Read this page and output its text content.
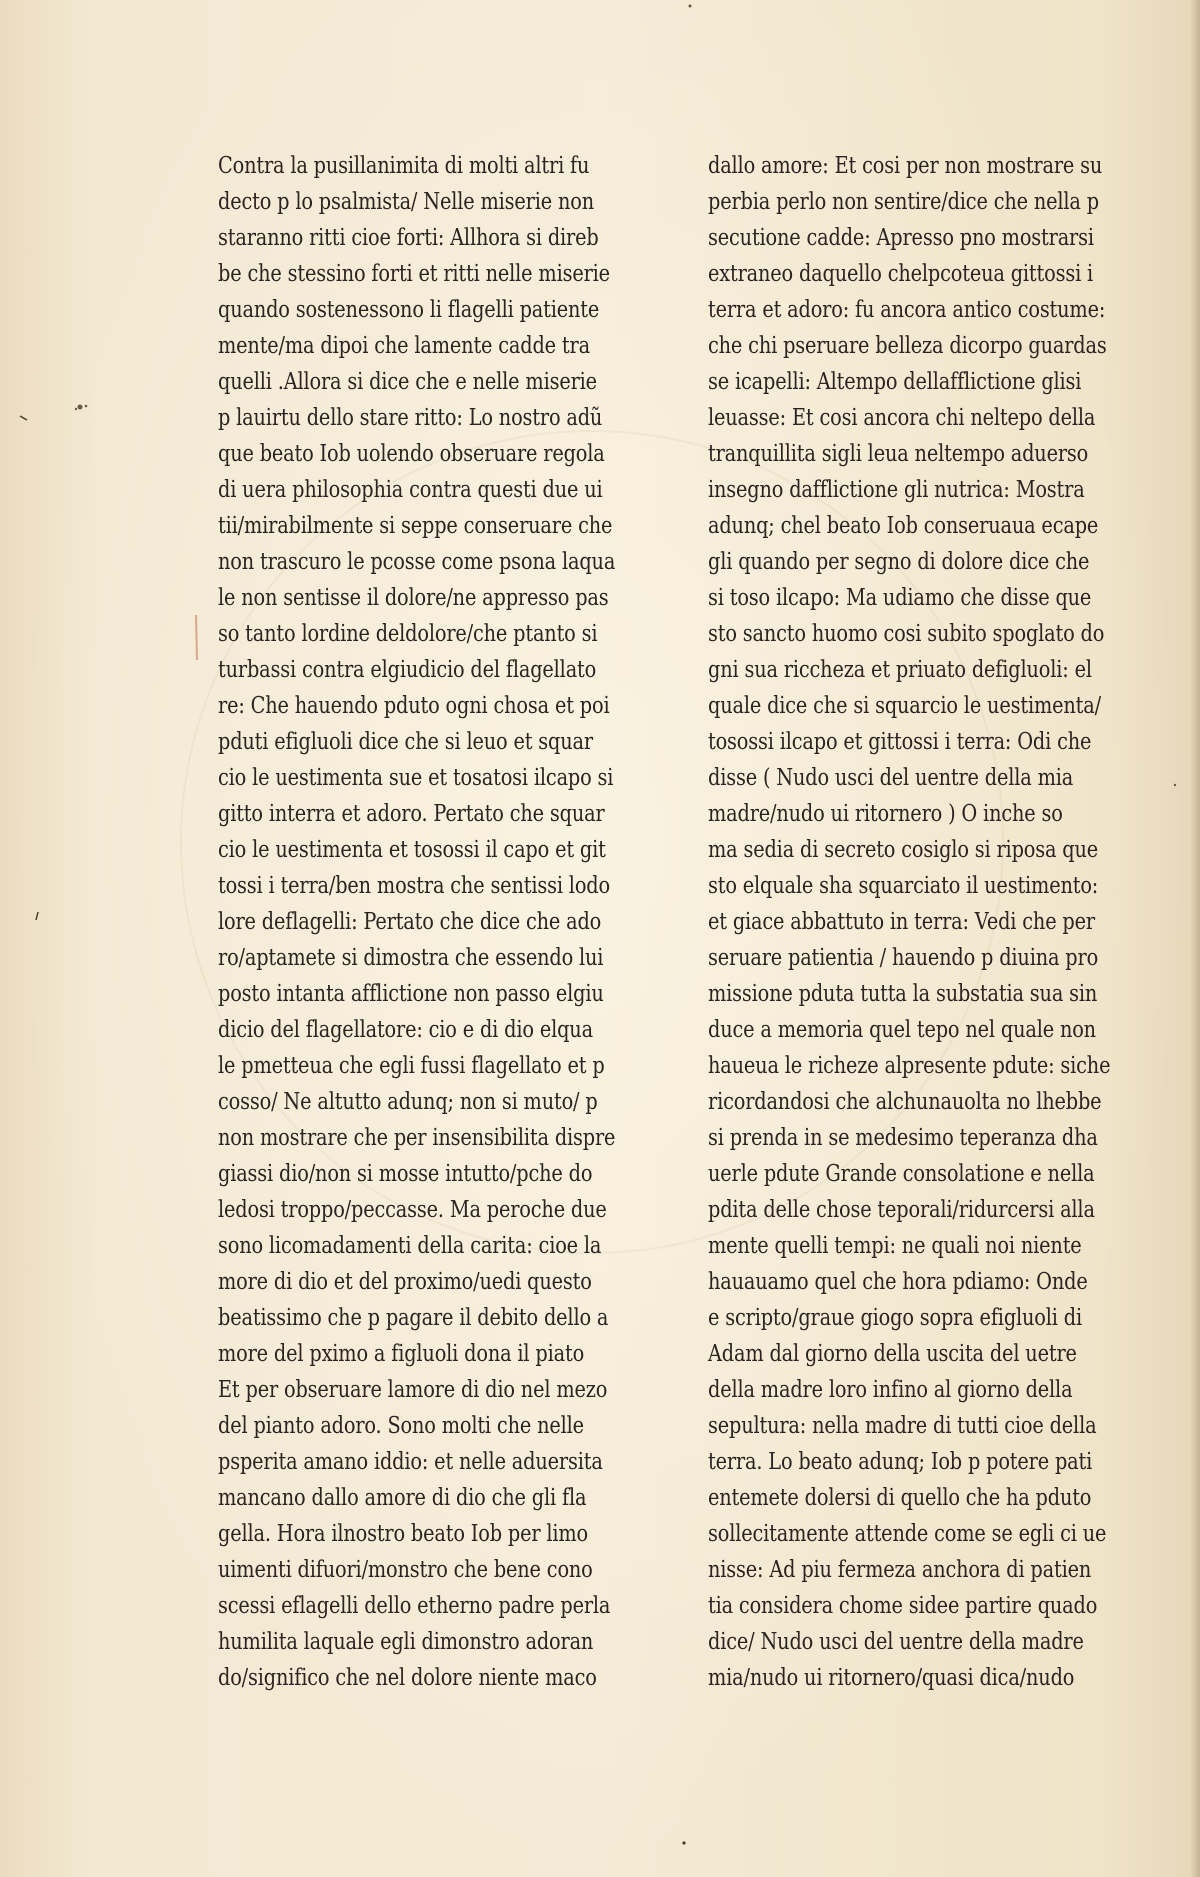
Contra la pusillanimita di molti altri fu
decto p lo psalmista/ Nelle miserie non
staranno ritti cioe forti: Allhora si direb
be che stessino forti et ritti nelle miserie
quando sostenessono li flagelli patiente
mente/ma dipoi che lamente cadde tra
quelli .Allora si dice che e nelle miserie
p lauirtu dello stare ritto: Lo nostro adũ
que beato Iob uolendo obseruare regola
di uera philosophia contra questi due ui
tii/mirabilmente si seppe conseruare che
non trascuro le pcosse come psona laqua
le non sentisse il dolore/ne appresso pas
so tanto lordine deldolore/che ptanto si
turbassi contra elgiudicio del flagellato
re: Che hauendo pduto ogni chosa et poi
pduti efigluoli dice che si leuo et squar
cio le uestimenta sue et tosatosi ilcapo si
gitto interra et adoro. Pertato che squar
cio le uestimenta et tosossi il capo et git
tossi i terra/ben mostra che sentissi lodo
lore deflagelli: Pertato che dice che ado
ro/aptamete si dimostra che essendo lui
posto intanta afflictione non passo elgiu
dicio del flagellatore: cio e di dio elqua
le pmetteua che egli fussi flagellato et p
cosso/ Ne altutto adunq; non si muto/ p
non mostrare che per insensibilita dispre
giassi dio/non si mosse intutto/pche do
ledosi troppo/peccasse. Ma peroche due
sono licomadamenti della carita: cioe la
more di dio et del proximo/uedi questo
beatissimo che p pagare il debito dello a
more del pximo a figluoli dona il piato
Et per obseruare lamore di dio nel mezo
del pianto adoro. Sono molti che nelle
psperita amano iddio: et nelle aduersita
mancano dallo amore di dio che gli fla
gella. Hora ilnostro beato Iob per limo
uimenti difuori/monstro che bene cono
scessi eflagelli dello etherno padre perla
humilita laquale egli dimonstro adoran
do/significo che nel dolore niente maco
dallo amore: Et cosi per non mostrare su
perbia perlo non sentire/dice che nella p
secutione cadde: Apresso pno mostrarsi
extraneo daquello chelpcoteua gittossi i
terra et adoro: fu ancora antico costume:
che chi pseruare belleza dicorpo guardas
se icapelli: Altempo dellafflictione glisi
leuasse: Et cosi ancora chi neltepo della
tranquillita sigli leua neltempo aduerso
insegno dafflictione gli nutrica: Mostra
adunq; chel beato Iob conseruaua ecape
gli quando per segno di dolore dice che
si toso ilcapo: Ma udiamo che disse que
sto sancto huomo cosi subito spoglato do
gni sua riccheza et priuato defigluoli: el
quale dice che si squarcio le uestimenta/
tosossi ilcapo et gittossi i terra: Odi che
disse ( Nudo usci del uentre della mia
madre/nudo ui ritornero ) O inche so
ma sedia di secreto cosiglo si riposa que
sto elquale sha squarciato il uestimento:
et giace abbattuto in terra: Vedi che per
seruare patientia / hauendo p diuina pro
missione pduta tutta la substatia sua sin
duce a memoria quel tepo nel quale non
haueua le richeze alpresente pdute: siche
ricordandosi che alchunauolta no lhebbe
si prenda in se medesimo teperanza dha
uerle pdute Grande consolatione e nella
pdita delle chose teporali/ridurcersi alla
mente quelli tempi: ne quali noi niente
hauauamo quel che hora pdiamo: Onde
e scripto/graue giogo sopra efigluoli di
Adam dal giorno della uscita del uetre
della madre loro infino al giorno della
sepultura: nella madre di tutti cioe della
terra. Lo beato adunq; Iob p potere pati
entemete dolersi di quello che ha pduto
sollecitamente attende come se egli ci ue
nisse: Ad piu fermeza anchora di patien
tia considera chome sidee partire quado
dice/ Nudo usci del uentre della madre
mia/nudo ui ritornero/quasi dica/nudo
